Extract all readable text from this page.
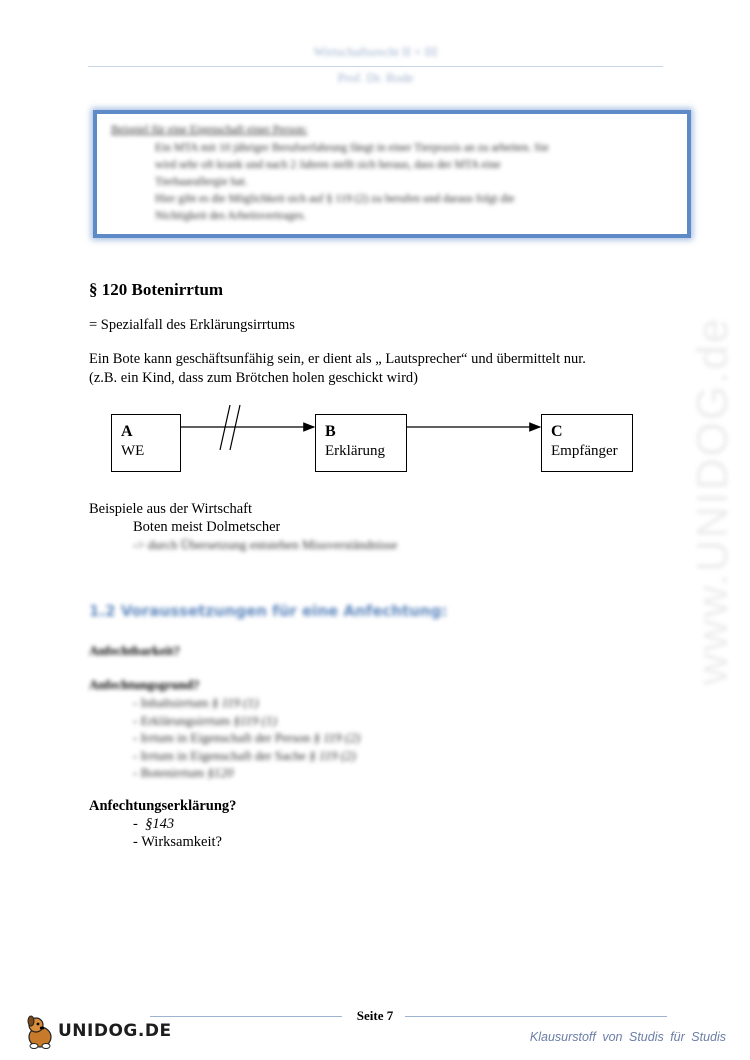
Wirtschaftsrecht II + III
Prof. Dr. Rode
www.UNIDOG.de
Beispiel für eine Eigenschaft einer Person:
Ein MTA mit 10 jähriger Berufserfahrung fängt in einer Tierpraxis an zu arbeiten. Sie
wird sehr oft krank und nach 2 Jahren stellt sich heraus, dass der MTA eine
Tierhaarallergie hat.
Hier gibt es die Möglichkeit sich auf § 119 (2) zu berufen und daraus folgt die
Nichtigkeit des Arbeitsvertrages.
§ 120 Botenirrtum
= Spezialfall des Erklärungsirrtums
Ein Bote kann geschäftsunfähig sein, er dient als „ Lautsprecher“ und übermittelt nur.
(z.B. ein Kind, dass zum Brötchen holen geschickt wird)
A
WE
B
Erklärung
C
Empfänger
Beispiele aus der Wirtschaft
Boten meist Dolmetscher
-> durch Übersetzung entstehen Missverständnisse
1.2 Voraussetzungen für eine Anfechtung:
Anfechtbarkeit?
Anfechtungsgrund?
- Inhaltsirrtum § 119 (1)
- Erklärungsirrtum §119 (1)
- Irrtum in Eigenschaft der Person § 119 (2)
- Irrtum in Eigenschaft der Sache § 119 (2)
- Botenirrtum §120
Anfechtungserklärung?
- §143
- Wirksamkeit?
Seite 7
UNIDOG.DE	Klausurstoff von Studis für Studis
